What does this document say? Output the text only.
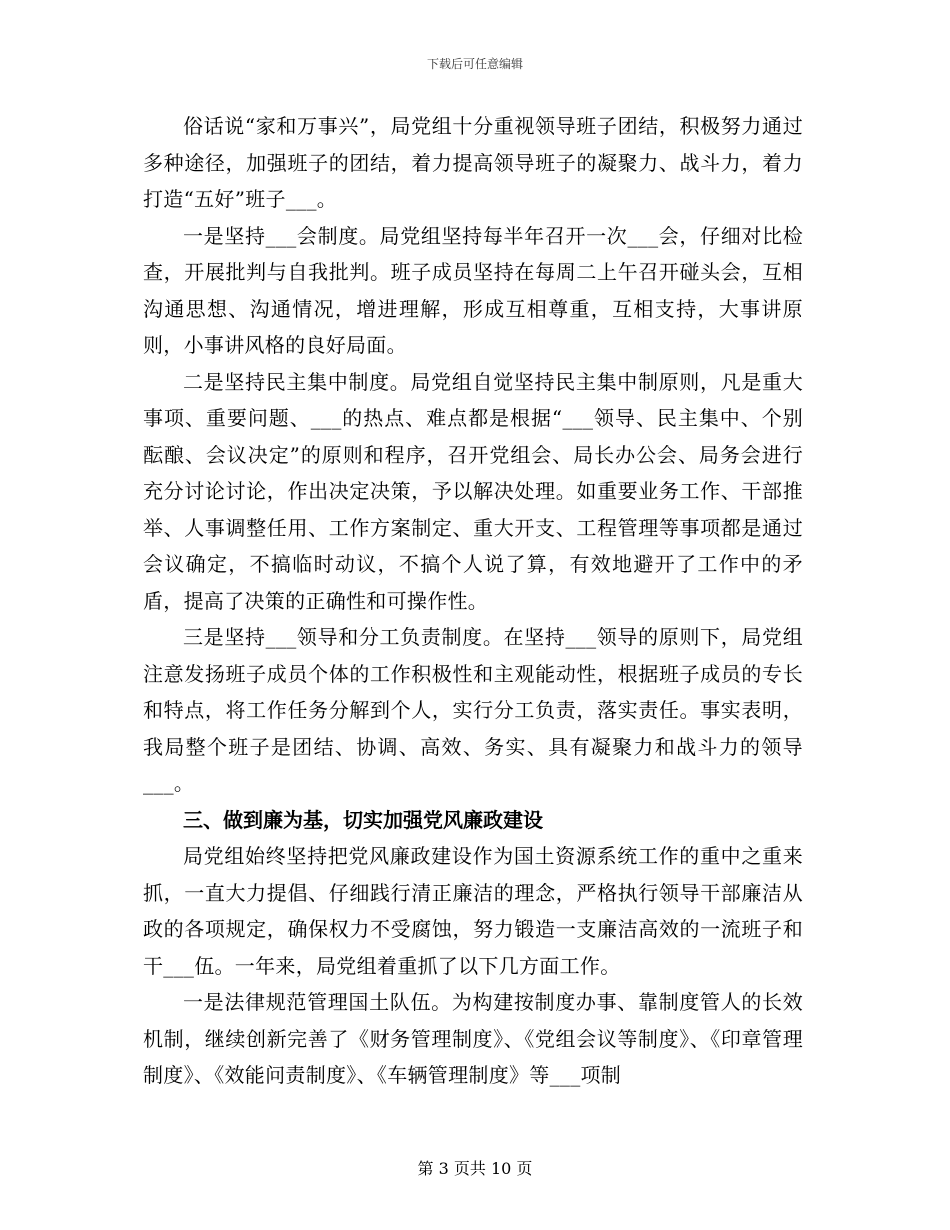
下载后可任意编辑

俗话说“家和万事兴”，局党组十分重视领导班子团结，积极努力通过多种途径，加强班子的团结，着力提高领导班子的凝聚力、战斗力，着力打造“五好”班子___。

一是坚持___会制度。局党组坚持每半年召开一次___会，仔细对比检查，开展批判与自我批判。班子成员坚持在每周二上午召开碰头会，互相沟通思想、沟通情况，增进理解，形成互相尊重，互相支持，大事讲原则，小事讲风格的良好局面。

二是坚持民主集中制度。局党组自觉坚持民主集中制原则，凡是重大事项、重要问题、___的热点、难点都是根据“___领导、民主集中、个别酝酿、会议决定”的原则和程序，召开党组会、局长办公会、局务会进行充分讨论讨论，作出决定决策，予以解决处理。如重要业务工作、干部推举、人事调整任用、工作方案制定、重大开支、工程管理等事项都是通过会议确定，不搞临时动议，不搞个人说了算，有效地避开了工作中的矛盾，提高了决策的正确性和可操作性。

三是坚持___领导和分工负责制度。在坚持___领导的原则下，局党组注意发扬班子成员个体的工作积极性和主观能动性，根据班子成员的专长和特点，将工作任务分解到个人，实行分工负责，落实责任。事实表明，我局整个班子是团结、协调、高效、务实、具有凝聚力和战斗力的领导___。

三、做到廉为基，切实加强党风廉政建设

局党组始终坚持把党风廉政建设作为国土资源系统工作的重中之重来抓，一直大力提倡、仔细践行清正廉洁的理念，严格执行领导干部廉洁从政的各项规定，确保权力不受腐蚀，努力锻造一支廉洁高效的一流班子和干___伍。一年来，局党组着重抓了以下几方面工作。

一是法律规范管理国土队伍。为构建按制度办事、靠制度管人的长效机制，继续创新完善了《财务管理制度》、《党组会议等制度》、《印章管理制度》、《效能问责制度》、《车辆管理制度》等___项制

第 3 页共 10 页
